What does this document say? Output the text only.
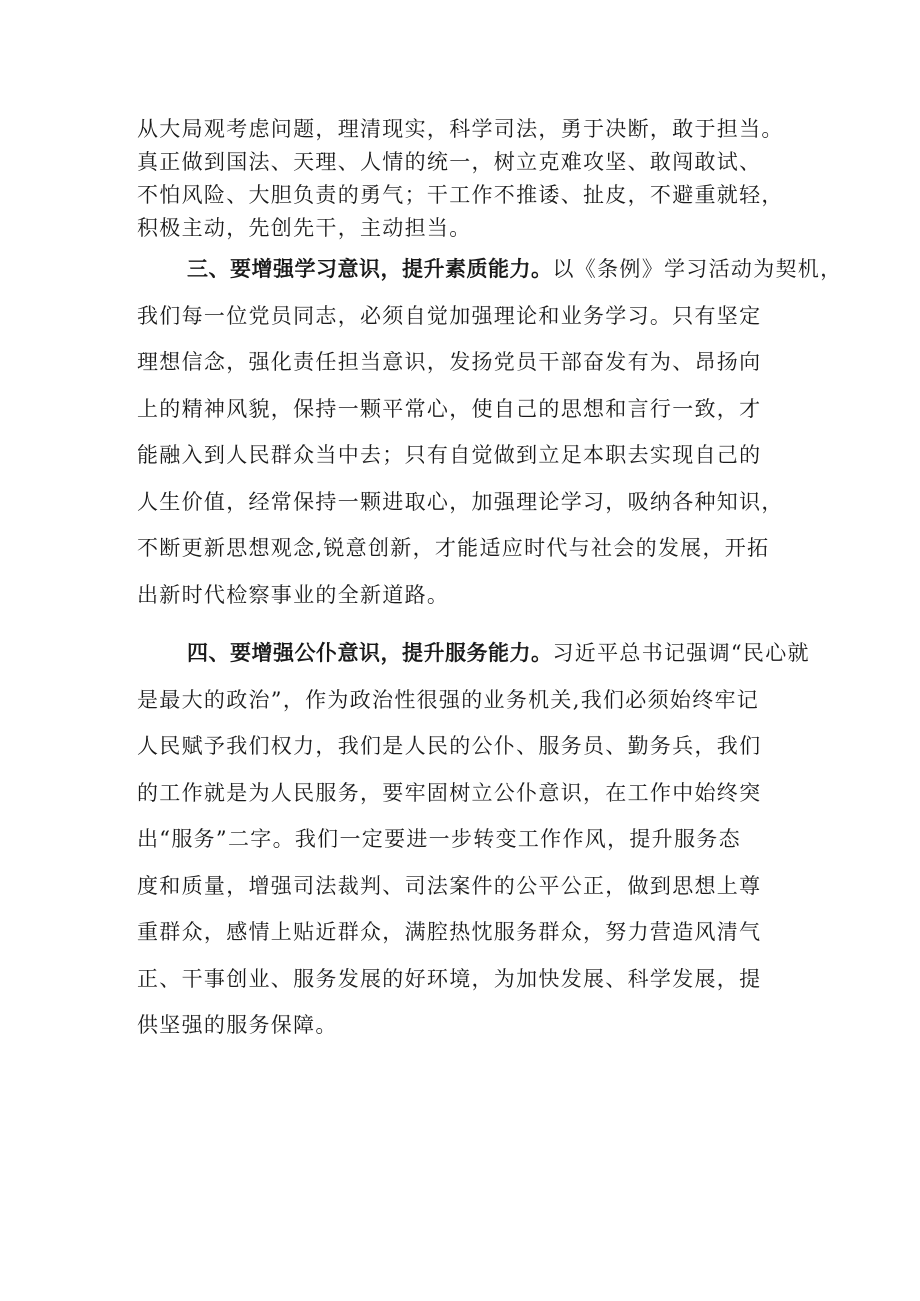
从大局观考虑问题，理清现实，科学司法，勇于决断，敢于担当。
真正做到国法、天理、人情的统一，树立克难攻坚、敢闯敢试、
不怕风险、大胆负责的勇气；干工作不推诿、扯皮，不避重就轻，
积极主动，先创先干，主动担当。
三、要增强学习意识，提升素质能力。以《条例》学习活动为契机，
我们每一位党员同志，必须自觉加强理论和业务学习。只有坚定
理想信念，强化责任担当意识，发扬党员干部奋发有为、昂扬向
上的精神风貌，保持一颗平常心，使自己的思想和言行一致，才
能融入到人民群众当中去；只有自觉做到立足本职去实现自己的
人生价值，经常保持一颗进取心，加强理论学习，吸纳各种知识，
不断更新思想观念,锐意创新，才能适应时代与社会的发展，开拓
出新时代检察事业的全新道路。
四、要增强公仆意识，提升服务能力。习近平总书记强调“民心就
是最大的政治”，作为政治性很强的业务机关,我们必须始终牢记
人民赋予我们权力，我们是人民的公仆、服务员、勤务兵，我们
的工作就是为人民服务，要牢固树立公仆意识，在工作中始终突
出“服务”二字。我们一定要进一步转变工作作风，提升服务态
度和质量，增强司法裁判、司法案件的公平公正，做到思想上尊
重群众，感情上贴近群众，满腔热忱服务群众，努力营造风清气
正、干事创业、服务发展的好环境，为加快发展、科学发展，提
供坚强的服务保障。
